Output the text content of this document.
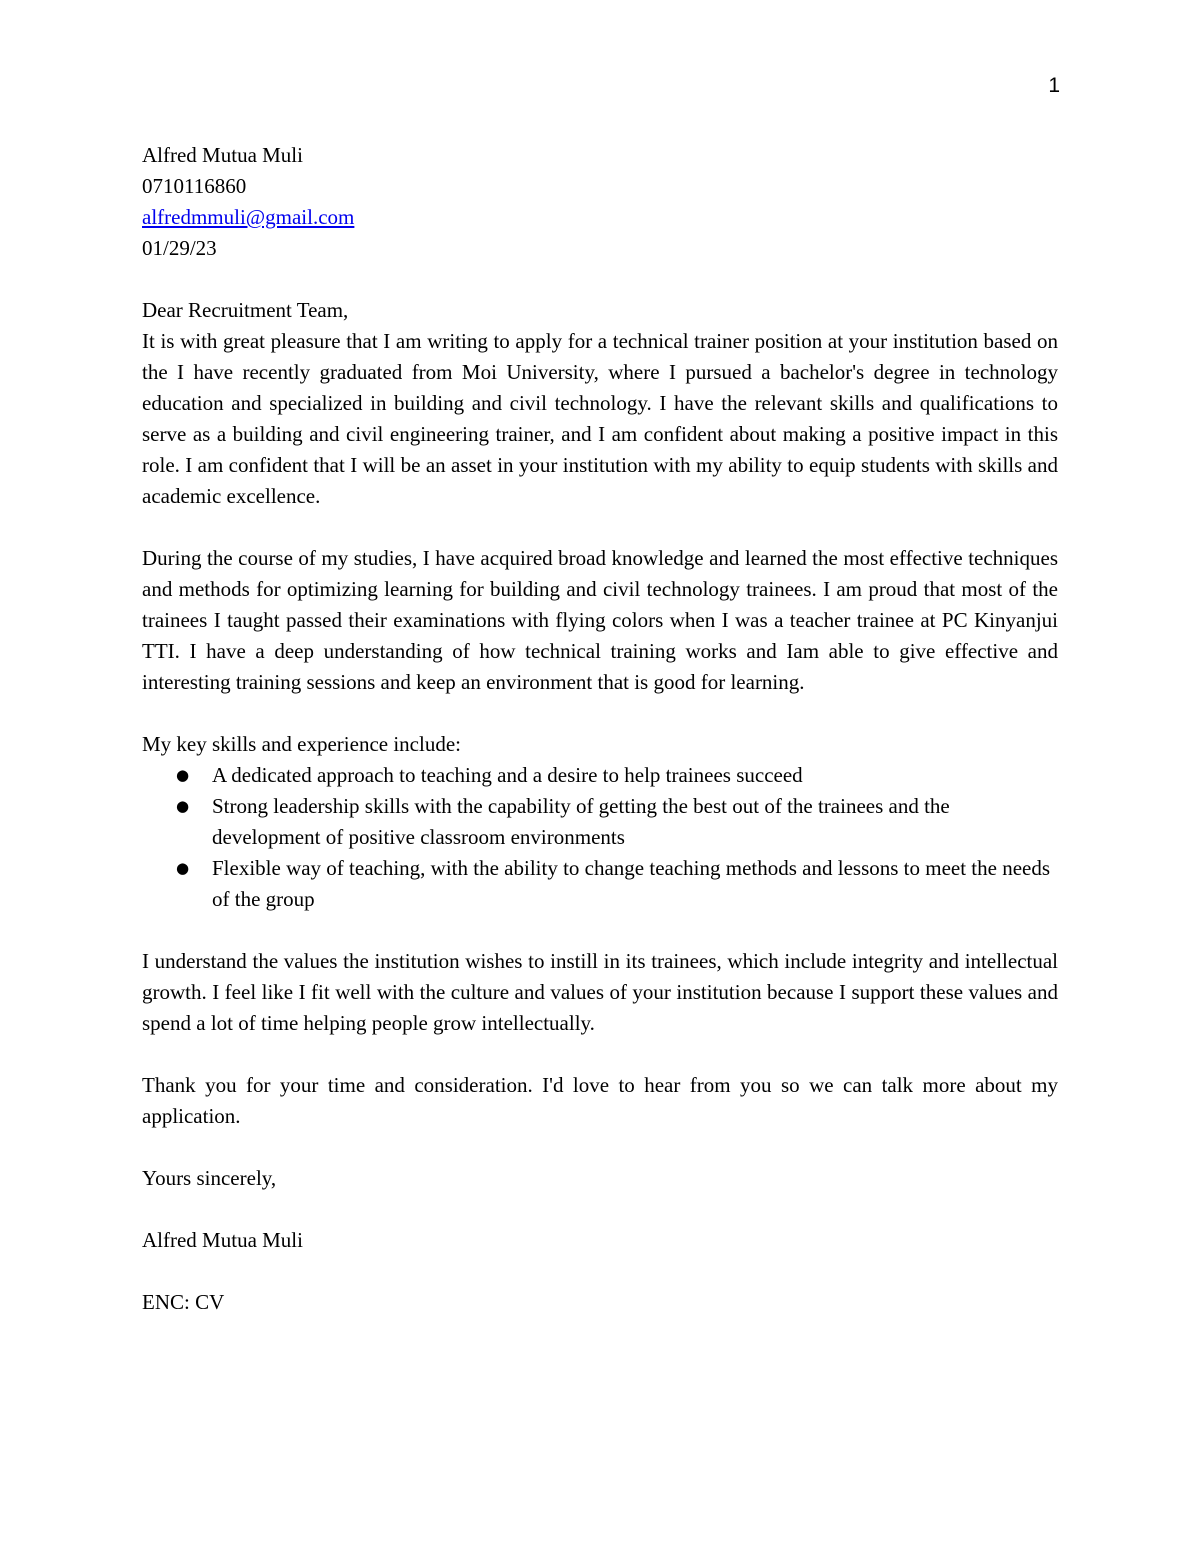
1
Alfred Mutua Muli
0710116860
alfredmmuli@gmail.com
01/29/23
Dear Recruitment Team,

It is with great pleasure that I am writing to apply for a technical trainer position at your institution based on the I have recently graduated from Moi University, where I pursued a bachelor's degree in technology education and specialized in building and civil technology. I have the relevant skills and qualifications to serve as a building and civil engineering trainer, and I am confident about making a positive impact in this role. I am confident that I will be an asset in your institution with my ability to equip students with skills and academic excellence.

During the course of my studies, I have acquired broad knowledge and learned the most effective techniques and methods for optimizing learning for building and civil technology trainees. I am proud that most of the trainees I taught passed their examinations with flying colors when I was a teacher trainee at PC Kinyanjui TTI. I have a deep understanding of how technical training works and Iam able to give effective and interesting training sessions and keep an environment that is good for learning.

My key skills and experience include:
● A dedicated approach to teaching and a desire to help trainees succeed
● Strong leadership skills with the capability of getting the best out of the trainees and the development of positive classroom environments
● Flexible way of teaching, with the ability to change teaching methods and lessons to meet the needs of the group

I understand the values the institution wishes to instill in its trainees, which include integrity and intellectual growth. I feel like I fit well with the culture and values of your institution because I support these values and spend a lot of time helping people grow intellectually.

Thank you for your time and consideration. I'd love to hear from you so we can talk more about my application.

Yours sincerely,
Alfred Mutua Muli
ENC: CV
